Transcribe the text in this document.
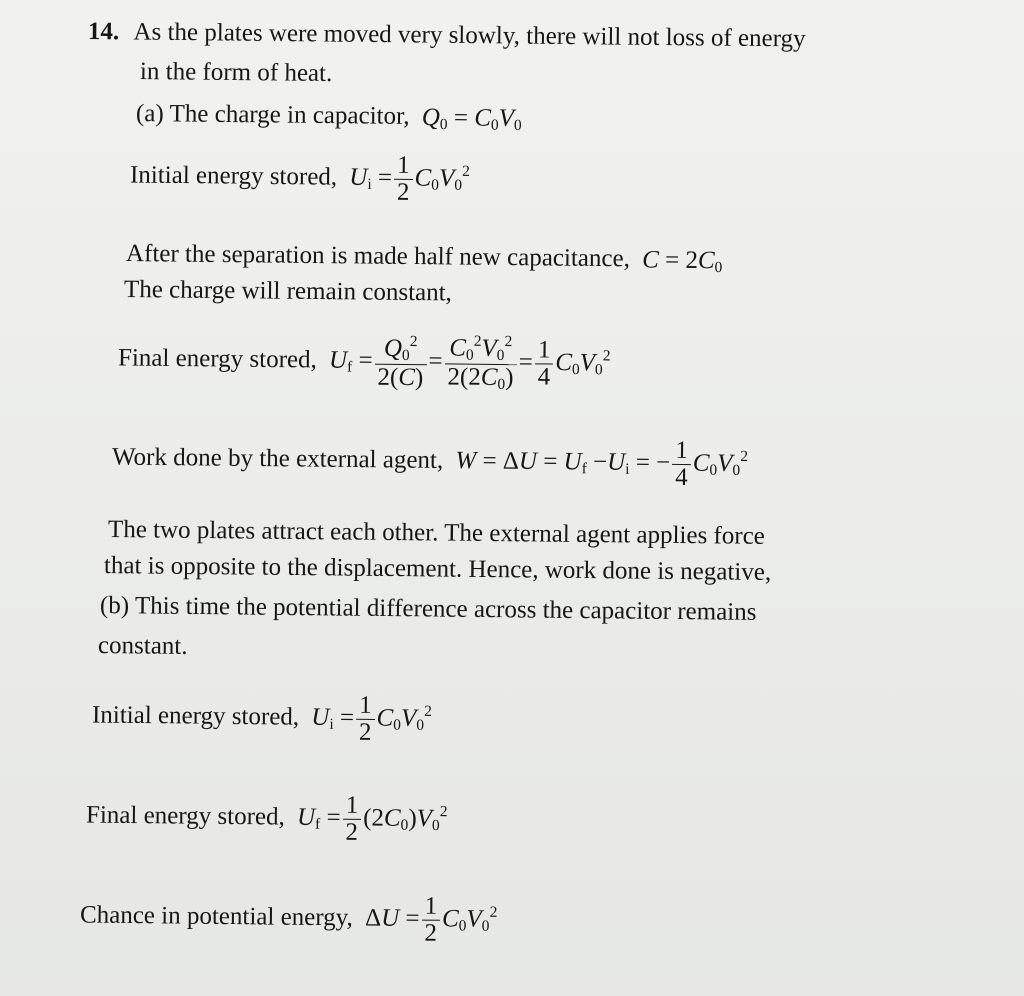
14. As the plates were moved very slowly, there will not loss of energy
in the form of heat.
(a) The charge in capacitor, $Q_0 = C_0V_0$
Initial energy stored, $U_i = \frac{1}{2} C_0V_0^2$
After the separation is made half new capacitance, $C = 2C_0$
The charge will remain constant,
Final energy stored, $U_f = \frac{Q_0^2}{2(C)} = \frac{C_0^2V_0^2}{2(2C_0)} = \frac{1}{4} C_0V_0^2$
Work done by the external agent, $W = \Delta U = U_f -U_i$ = − $\frac{1}{4} C_0V_0^2$
The two plates attract each other. The external agent applies force
that is opposite to the displacement. Hence, work done is negative,
(b) This time the potential difference across the capacitor remains
constant.
Initial energy stored, $U_i = \frac{1}{2} C_0V_0^2$
Final energy stored, $U_f = \frac{1}{2} (2C_0)V_0^2$
Chance in potential energy, $\Delta U = \frac{1}{2} C_0V_0^2$
